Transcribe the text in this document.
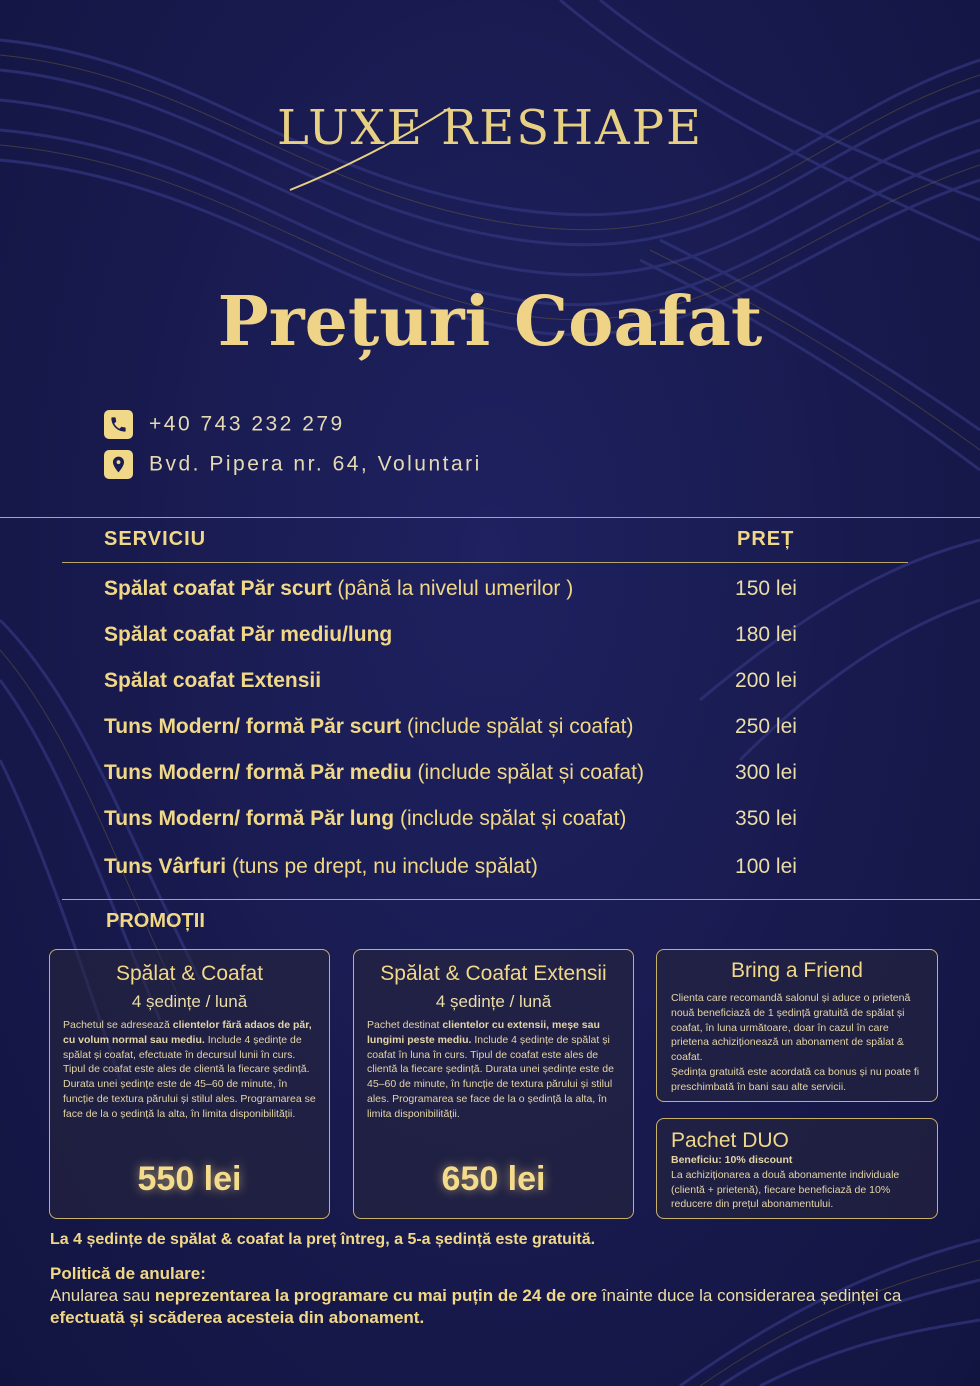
LUXE RESHAPE
Prețuri Coafat
+40 743 232 279
Bvd. Pipera nr. 64, Voluntari
SERVICIU	PREȚ
Spălat coafat Păr scurt (până la nivelul umerilor )	150 lei
Spălat coafat Păr mediu/lung	180 lei
Spălat coafat Extensii	200 lei
Tuns Modern/ formă Păr scurt (include spălat și coafat)	250 lei
Tuns Modern/ formă Păr mediu (include spălat și coafat)	300 lei
Tuns Modern/ formă Păr lung (include spălat și coafat)	350 lei
Tuns Vârfuri (tuns pe drept, nu include spălat)	100 lei
PROMOȚII
Spălat & Coafat
4 ședințe / lună
Pachetul se adresează clientelor fără adaos de păr, cu volum normal sau mediu. Include 4 ședințe de spălat și coafat, efectuate în decursul lunii în curs. Tipul de coafat este ales de clientă la fiecare ședință. Durata unei ședințe este de 45–60 de minute, în funcție de textura părului și stilul ales. Programarea se face de la o ședință la alta, în limita disponibilității.
550 lei
Spălat & Coafat Extensii
4 ședințe / lună
Pachet destinat clientelor cu extensii, meșe sau lungimi peste mediu. Include 4 ședințe de spălat și coafat în luna în curs. Tipul de coafat este ales de clientă la fiecare ședință. Durata unei ședințe este de 45–60 de minute, în funcție de textura părului și stilul ales. Programarea se face de la o ședință la alta, în limita disponibilității.
650 lei
Bring a Friend
Clienta care recomandă salonul și aduce o prietenă nouă beneficiază de 1 ședință gratuită de spălat și coafat, în luna următoare, doar în cazul în care prietena achiziționează un abonament de spălat & coafat.
Ședința gratuită este acordată ca bonus și nu poate fi preschimbată în bani sau alte servicii.
Pachet DUO
Beneficiu: 10% discount
La achiziționarea a două abonamente individuale (clientă + prietenă), fiecare beneficiază de 10% reducere din prețul abonamentului.
La 4 ședințe de spălat & coafat la preț întreg, a 5-a ședință este gratuită.
Politică de anulare:
Anularea sau neprezentarea la programare cu mai puțin de 24 de ore înainte duce la considerarea ședinței ca efectuată și scăderea acesteia din abonament.
